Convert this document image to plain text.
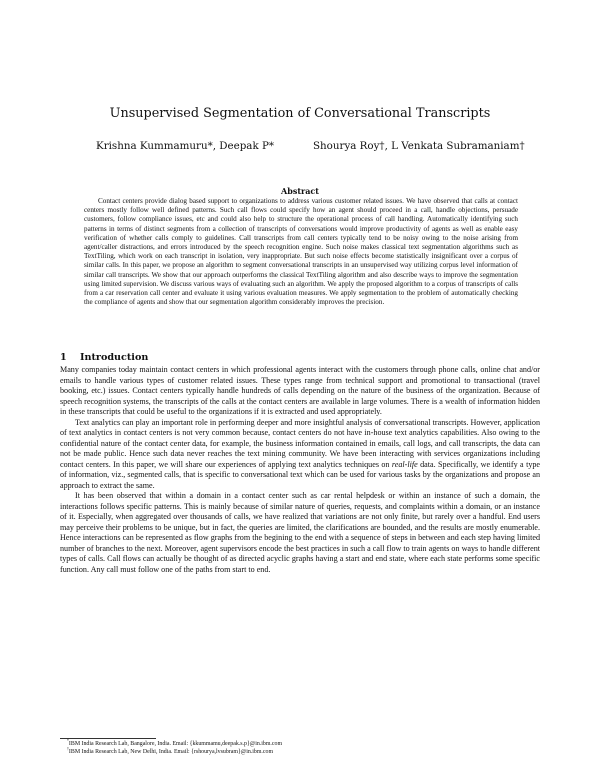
Unsupervised Segmentation of Conversational Transcripts
Krishna Kummamuru*, Deepak P*	Shourya Roy†, L Venkata Subramaniam†
Abstract

Contact centers provide dialog based support to organizations to address various customer related issues. We have observed that calls at contact centers mostly follow well defined patterns. Such call flows could specify how an agent should proceed in a call, handle objections, persuade customers, follow compliance issues, etc and could also help to structure the operational process of call handling. Automatically identifying such patterns in terms of distinct segments from a collection of transcripts of conversations would improve productivity of agents as well as enable easy verification of whether calls comply to guidelines. Call transcripts from call centers typically tend to be noisy owing to the noise arising from agent/caller distractions, and errors introduced by the speech recognition engine. Such noise makes classical text segmentation algorithms such as TextTiling, which work on each transcript in isolation, very inappropriate. But such noise effects become statistically insignificant over a corpus of similar calls. In this paper, we propose an algorithm to segment conversational transcripts in an unsupervised way utilizing corpus level information of similar call transcripts. We show that our approach outperforms the classical TextTiling algorithm and also describe ways to improve the segmentation using limited supervision. We discuss various ways of evaluating such an algorithm. We apply the proposed algorithm to a corpus of transcripts of calls from a car reservation call center and evaluate it using various evaluation measures. We apply segmentation to the problem of automatically checking the compliance of agents and show that our segmentation algorithm considerably improves the precision.

1 Introduction

Many companies today maintain contact centers in which professional agents interact with the customers through phone calls, online chat and/or emails to handle various types of customer related issues. These types range from technical support and promotional to transactional (travel booking, etc.) issues. Contact centers typically handle hundreds of calls depending on the nature of the business of the organization. Because of speech recognition systems, the transcripts of the calls at the contact centers are available in large volumes. There is a wealth of information hidden in these transcripts that could be useful to the organizations if it is extracted and used appropriately.

Text analytics can play an important role in performing deeper and more insightful analysis of conversational transcripts. However, application of text analytics in contact centers is not very common because, contact centers do not have in-house text analytics capabilities. Also owing to the confidential nature of the contact center data, for example, the business information contained in emails, call logs, and call transcripts, the data can not be made public. Hence such data never reaches the text mining community. We have been interacting with services organizations including contact centers. In this paper, we will share our experiences of applying text analytics techniques on real-life data. Specifically, we identify a type of information, viz., segmented calls, that is specific to conversational text which can be used for various tasks by the organizations and propose an approach to extract the same.

It has been observed that within a domain in a contact center such as car rental helpdesk or within an instance of such a domain, the interactions follows specific patterns. This is mainly because of similar nature of queries, requests, and complaints within a domain, or an instance of it. Especially, when aggregated over thousands of calls, we have realized that variations are not only finite, but rarely over a handful. End users may perceive their problems to be unique, but in fact, the queries are limited, the clarifications are bounded, and the results are mostly enumerable. Hence interactions can be represented as flow graphs from the begining to the end with a sequence of steps in between and each step having limited number of branches to the next. Moreover, agent supervisors encode the best practices in such a call flow to train agents on ways to handle different types of calls. Call flows can actually be thought of as directed acyclic graphs having a start and end state, where each state performs some specific function. Any call must follow one of the paths from start to end.

*IBM India Research Lab, Bangalore, India. Email: {kkummamu,deepak.s.p}@in.ibm.com
†IBM India Research Lab, New Delhi, India. Email: {rshourya,lvsubram}@in.ibm.com
